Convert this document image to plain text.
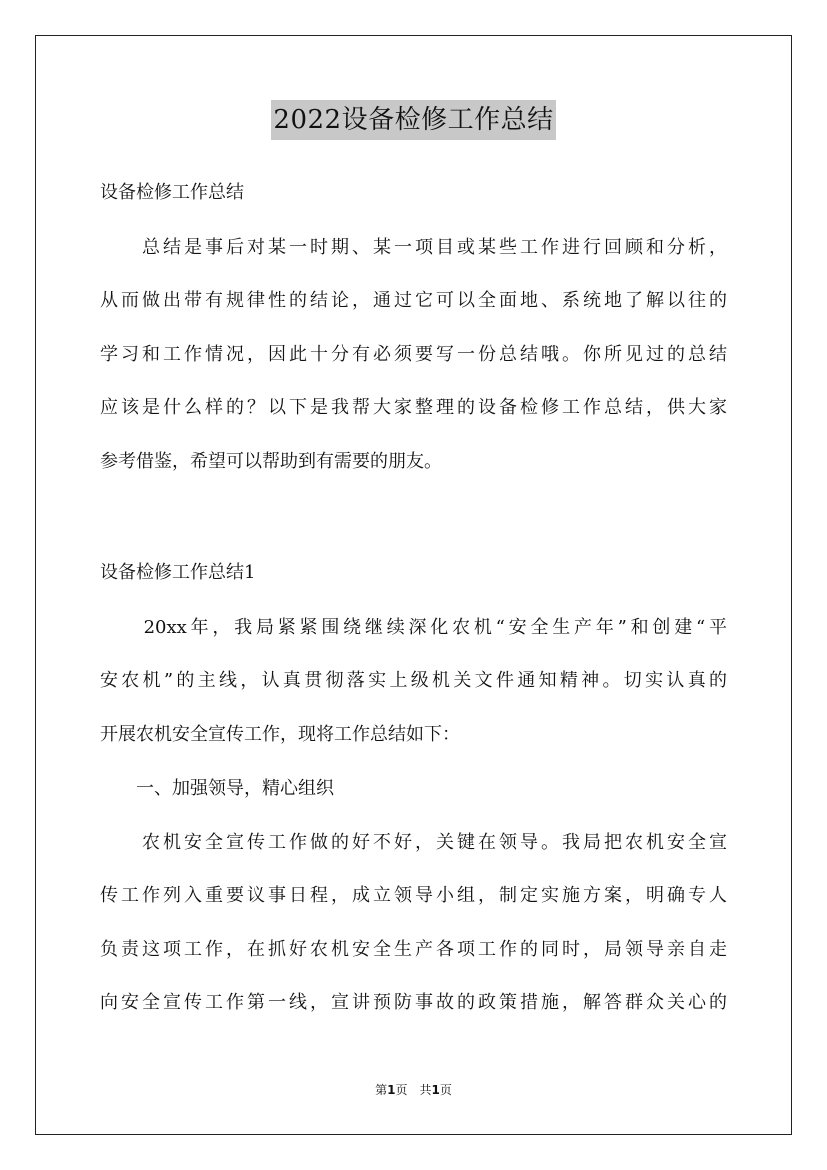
2022设备检修工作总结
设备检修工作总结
　　总结是事后对某一时期、某一项目或某些工作进行回顾和分析，
从而做出带有规律性的结论，通过它可以全面地、系统地了解以往的
学习和工作情况，因此十分有必须要写一份总结哦。你所见过的总结
应该是什么样的？以下是我帮大家整理的设备检修工作总结，供大家
参考借鉴，希望可以帮助到有需要的朋友。
设备检修工作总结1
　　20xx年，我局紧紧围绕继续深化农机“安全生产年”和创建“平
安农机”的主线，认真贯彻落实上级机关文件通知精神。切实认真的
开展农机安全宣传工作，现将工作总结如下：
　　一、加强领导，精心组织
　　农机安全宣传工作做的好不好，关键在领导。我局把农机安全宣
传工作列入重要议事日程，成立领导小组，制定实施方案，明确专人
负责这项工作，在抓好农机安全生产各项工作的同时，局领导亲自走
向安全宣传工作第一线，宣讲预防事故的政策措施，解答群众关心的
第1页　共1页
